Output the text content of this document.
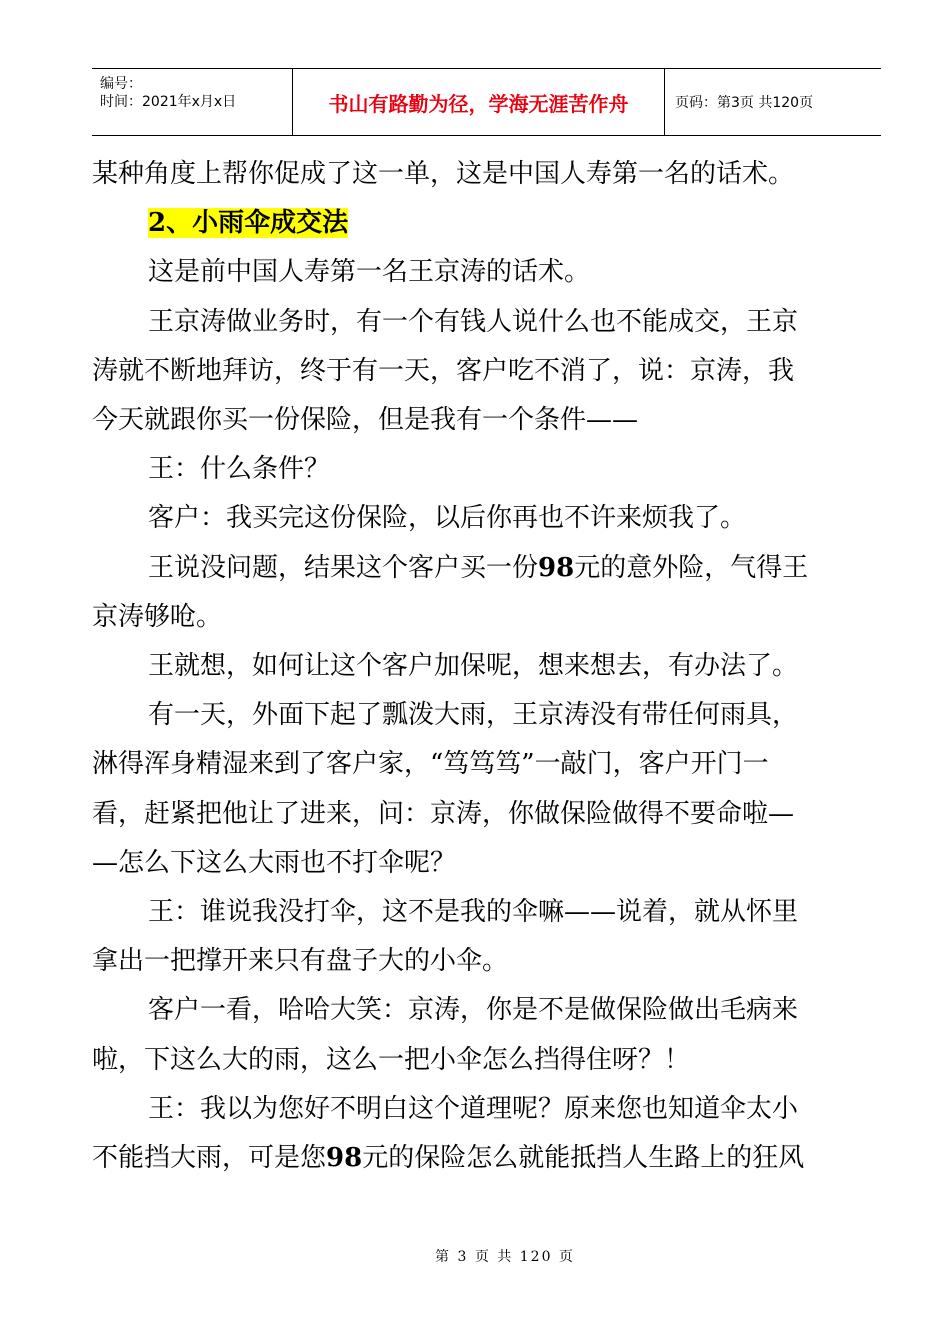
编号：
时间：2021年x月x日	书山有路勤为径，学海无涯苦作舟	页码：第3页 共120页

某种角度上帮你促成了这一单，这是中国人寿第一名的话术。

2、小雨伞成交法

这是前中国人寿第一名王京涛的话术。

王京涛做业务时，有一个有钱人说什么也不能成交，王京

涛就不断地拜访，终于有一天，客户吃不消了，说：京涛，我

今天就跟你买一份保险，但是我有一个条件——

王：什么条件？

客户：我买完这份保险，以后你再也不许来烦我了。

王说没问题，结果这个客户买一份98元的意外险，气得王

京涛够呛。

王就想，如何让这个客户加保呢，想来想去，有办法了。

有一天，外面下起了瓢泼大雨，王京涛没有带任何雨具，

淋得浑身精湿来到了客户家，“笃笃笃”一敲门，客户开门一

看，赶紧把他让了进来，问：京涛，你做保险做得不要命啦—

—怎么下这么大雨也不打伞呢？

王：谁说我没打伞，这不是我的伞嘛——说着，就从怀里

拿出一把撑开来只有盘子大的小伞。

客户一看，哈哈大笑：京涛，你是不是做保险做出毛病来

啦，下这么大的雨，这么一把小伞怎么挡得住呀？！

王：我以为您好不明白这个道理呢？原来您也知道伞太小

不能挡大雨，可是您98元的保险怎么就能抵挡人生路上的狂风

第 3 页 共 120 页
